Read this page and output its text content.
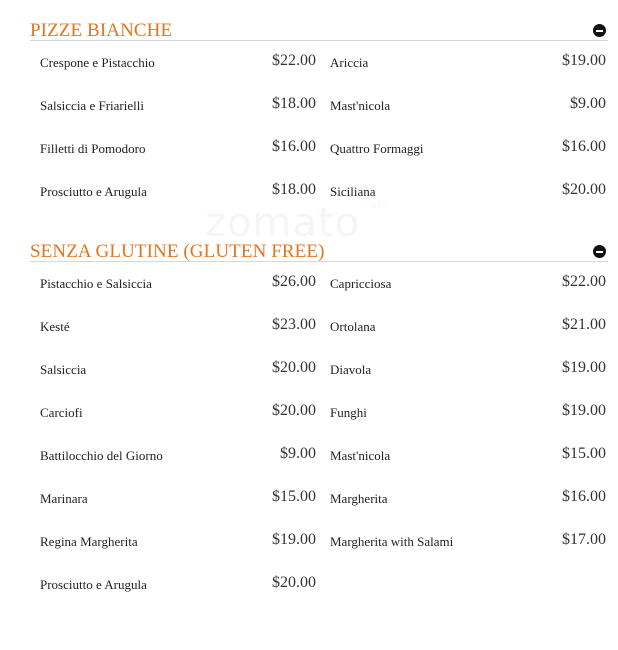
PIZZE BIANCHE
Crespone e Pistacchio	$22.00 Ariccia	$19.00
Salsiccia e Friarielli	$18.00 Mast'nicola	$9.00
Filletti di Pomodoro	$16.00 Quattro Formaggi	$16.00
Prosciutto e Arugula	$18.00 Siciliana	$20.00
SENZA GLUTINE (GLUTEN FREE)
Pistacchio e Salsiccia	$26.00 Capricciosa	$22.00
Kesté	$23.00 Ortolana	$21.00
Salsiccia	$20.00 Diavola	$19.00
Carciofi	$20.00 Funghi	$19.00
Battilocchio del Giorno	$9.00 Mast'nicola	$15.00
Marinara	$15.00 Margherita	$16.00
Regina Margherita	$19.00 Margherita with Salami	$17.00
Prosciutto e Arugula	$20.00
